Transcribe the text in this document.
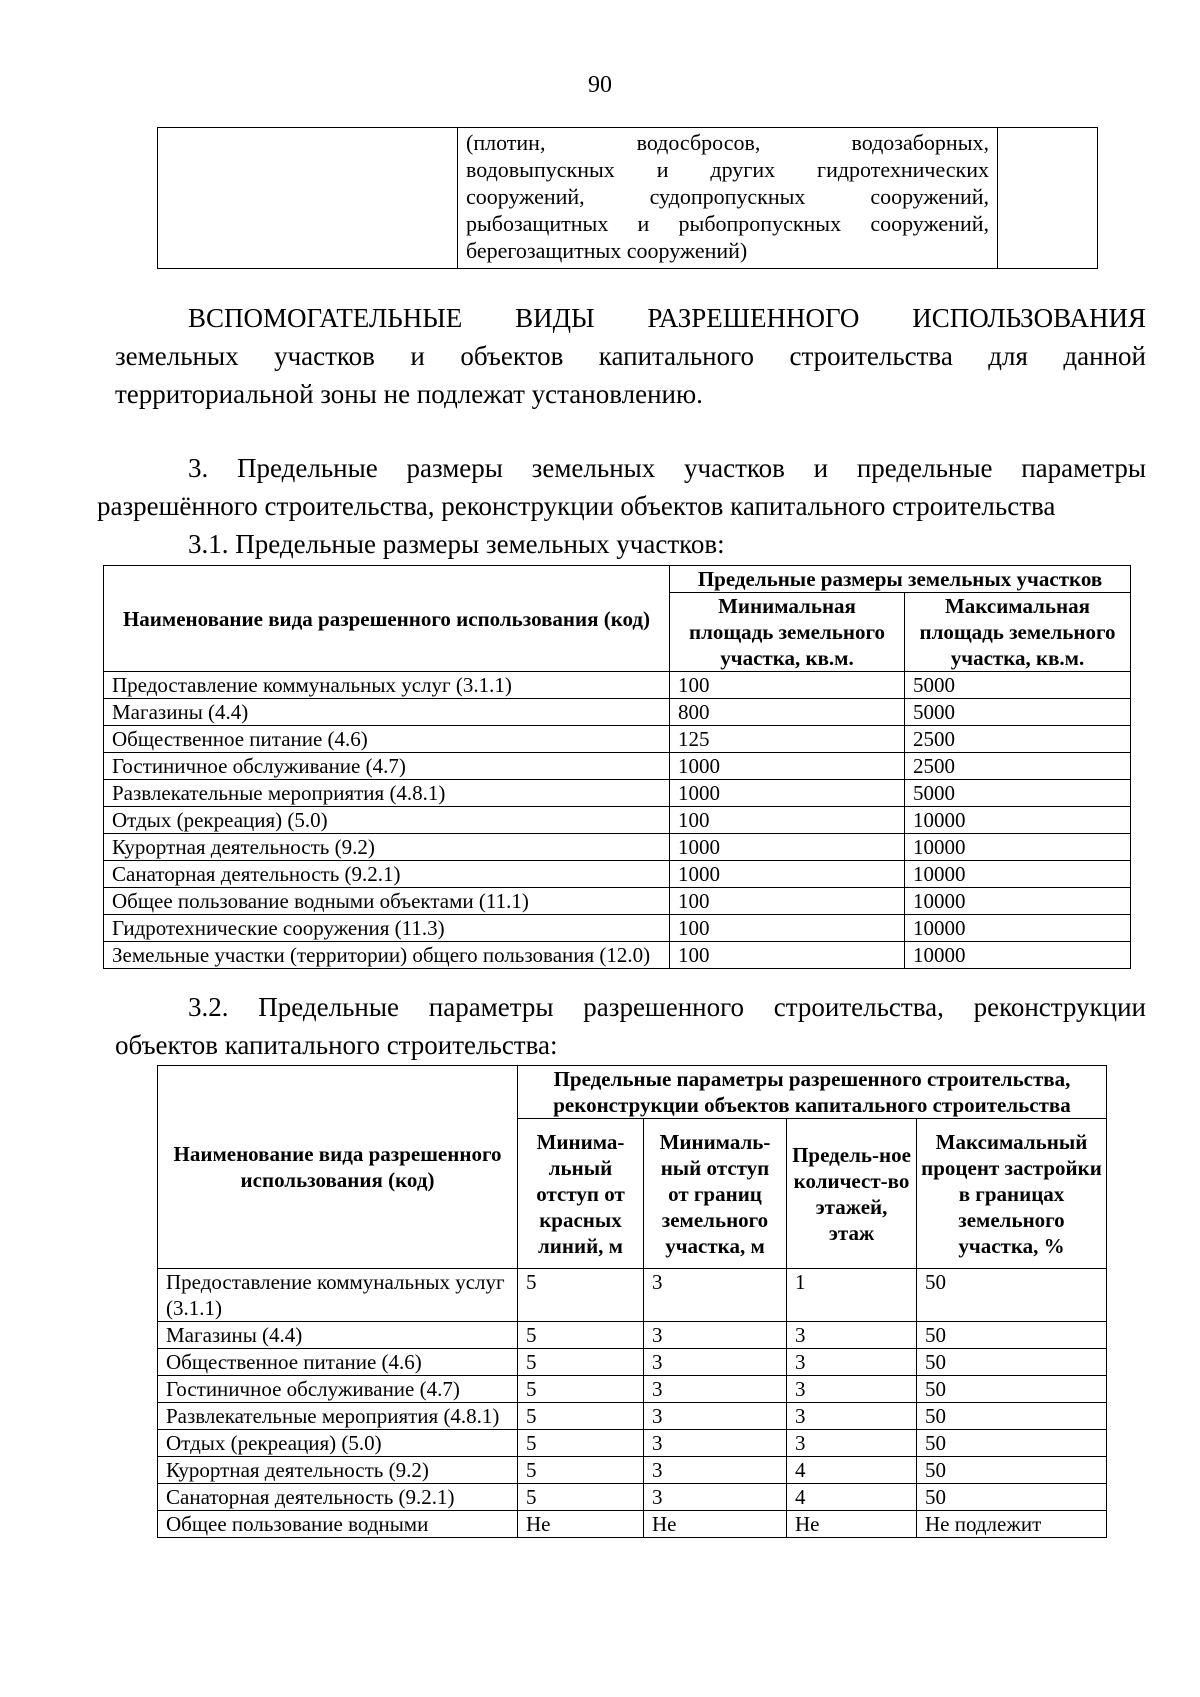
90

(плотин, водосбросов, водозаборных,
водовыпускных и других гидротехнических
сооружений, судопропускных сооружений,
рыбозащитных и рыбопропускных сооружений,
берегозащитных сооружений)

ВСПОМОГАТЕЛЬНЫЕ ВИДЫ РАЗРЕШЕННОГО ИСПОЛЬЗОВАНИЯ
земельных участков и объектов капитального строительства для данной
территориальной зоны не подлежат установлению.
3. Предельные размеры земельных участков и предельные параметры
разрешённого строительства, реконструкции объектов капитального строительства
3.1. Предельные размеры земельных участков:
Наименование вида разрешенного использования (код)	Предельные размеры земельных участков	
	Минимальная площадь земельного участка, кв.м.	Максимальная площадь земельного участка, кв.м.
Предоставление коммунальных услуг (3.1.1)	100	5000
Магазины (4.4)	800	5000
Общественное питание (4.6)	125	2500
Гостиничное обслуживание (4.7)	1000	2500
Развлекательные мероприятия (4.8.1)	1000	5000
Отдых (рекреация) (5.0)	100	10000
Курортная деятельность (9.2)	1000	10000
Санаторная деятельность (9.2.1)	1000	10000
Общее пользование водными объектами (11.1)	100	10000
Гидротехнические сооружения (11.3)	100	10000
Земельные участки (территории) общего пользования (12.0)	100	10000
3.2. Предельные параметры разрешенного строительства, реконструкции
объектов капитального строительства:
Наименование вида разрешенного использования (код)	Предельные параметры разрешенного строительства, реконструкции объектов капитального строительства			
	Минима-льный отступ от красных линий, м	Минималь-ный отступ от границ земельного участка, м	Предель-ное количест-во этажей, этаж	Максимальный процент застройки в границах земельного участка, %
Предоставление коммунальных услуг (3.1.1)	5	3	1	50
Магазины (4.4)	5	3	3	50
Общественное питание (4.6)	5	3	3	50
Гостиничное обслуживание (4.7)	5	3	3	50
Развлекательные мероприятия (4.8.1)	5	3	3	50
Отдых (рекреация) (5.0)	5	3	3	50
Курортная деятельность (9.2)	5	3	4	50
Санаторная деятельность (9.2.1)	5	3	4	50
Общее пользование водными	Не	Не	Не	Не подлежит
